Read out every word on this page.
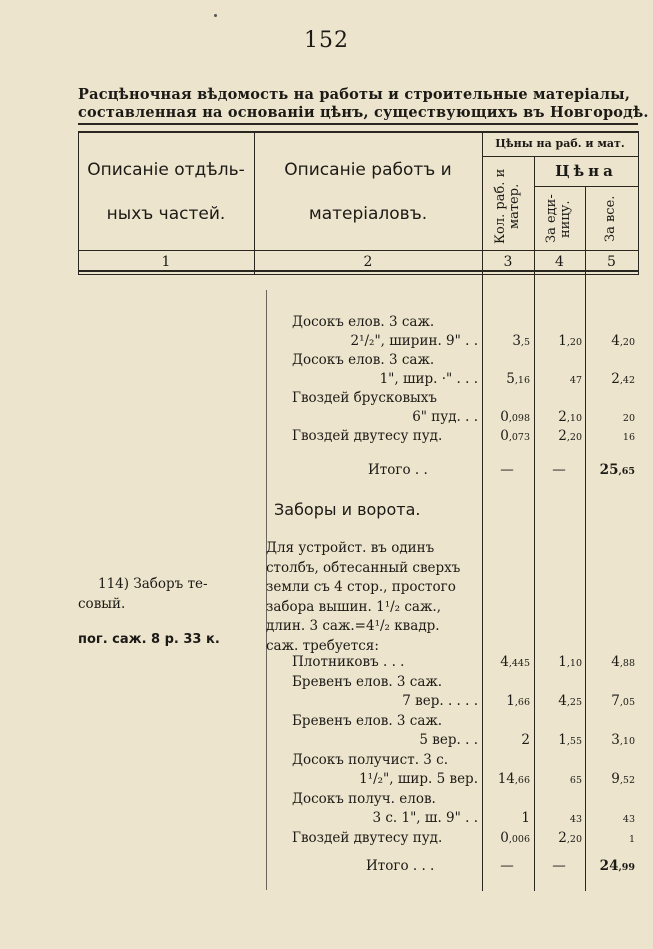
152
Расцѣночная вѣдомость на работы и строительные матеріалы,
составленная на основаніи цѣнъ, существующихъ въ Новгородѣ.
Описаніе отдѣль-
ныхъ частей.
Описаніе работъ и
матеріаловъ.
Цѣны на раб. и мат.
Цѣна
Кол. раб. и матер.	За еди-ницу.	За все.
1	2	3	4	5
Досокъ елов. 3 саж.
2¹/₂", ширин. 9" . .	3,5	1,20	4,20
Досокъ елов. 3 саж.
1", шир. ·" . . .	5,16	47	2,42
Гвоздей брусковыхъ
6" пуд. . .	0,098	2,10	20
Гвоздей двутесу пуд.	0,073	2,20	16
Итого . .	—	—	25,65
Заборы и ворота.
114) Заборъ те-
совый.
пог. саж. 8 р. 33 к.
Для устройст. въ одинъ
столбъ, обтесанный сверхъ
земли съ 4 стор., простого
забора вышин. 1¹/₂ саж.,
длин. 3 саж.=4¹/₂ квадр.
саж. требуется:
Плотниковъ . . .	4,445	1,10	4,88
Бревенъ елов. 3 саж.
7 вер. . . . .	1,66	4,25	7,05
Бревенъ елов. 3 саж.
5 вер. . .	2	1,55	3,10
Досокъ получист. 3 с.
1¹/₂", шир. 5 вер.	14,66	65	9,52
Досокъ получ. елов.
3 с. 1", ш. 9" . .	1	43	43
Гвоздей двутесу пуд.	0,006	2,20	1
Итого . . .	—	—	24,99
